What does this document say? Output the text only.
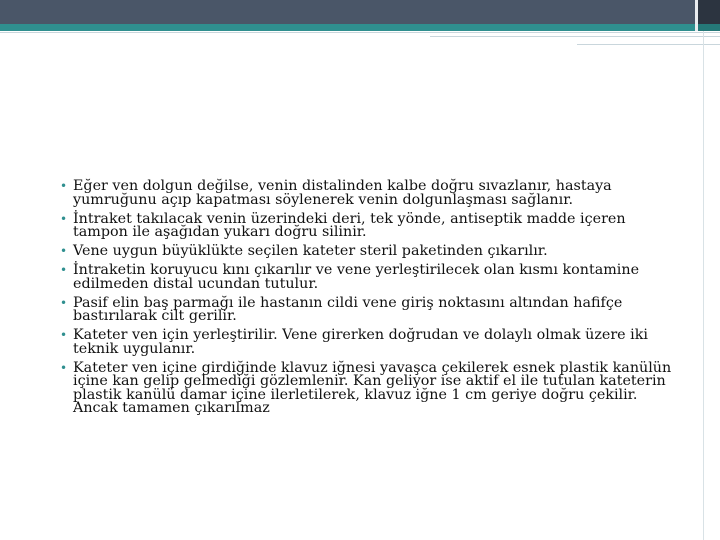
• Eğer ven dolgun değilse, venin distalinden kalbe doğru sıvazlanır, hastaya yumruğunu açıp kapatması söylenerek venin dolgunlaşması sağlanır.
• İntraket takılacak venin üzerindeki deri, tek yönde, antiseptik madde içeren tampon ile aşağıdan yukarı doğru silinir.
• Vene uygun büyüklükte seçilen kateter steril paketinden çıkarılır.
• İntraketin koruyucu kını çıkarılır ve vene yerleştirilecek olan kısmı kontamine edilmeden distal ucundan tutulur.
• Pasif elin baş parmağı ile hastanın cildi vene giriş noktasını altından hafifçe bastırılarak cilt gerilir.
• Kateter ven için yerleştirilir. Vene girerken doğrudan ve dolaylı olmak üzere iki teknik uygulanır.
• Kateter ven içine girdiğinde klavuz iğnesi yavaşca çekilerek esnek plastik kanülün içine kan gelip gelmediği gözlemlenir. Kan geliyor ise aktif el ile tutulan kateterin plastik kanülü damar içine ilerletilerek, klavuz iğne 1 cm geriye doğru çekilir. Ancak tamamen çıkarılmaz
